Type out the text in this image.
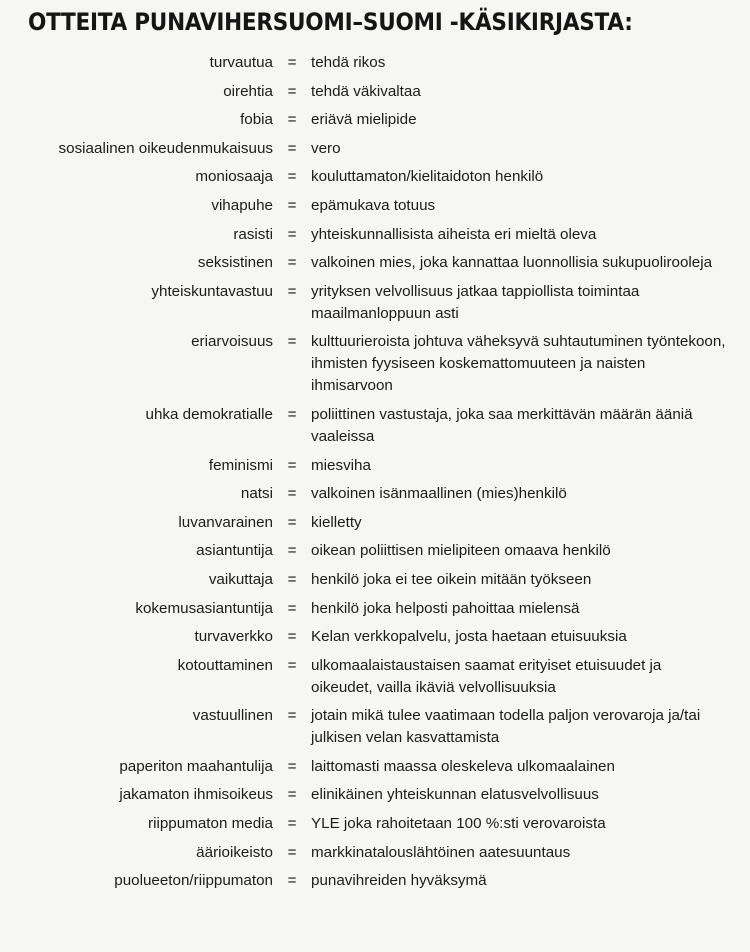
OTTEITA PUNAVIHERSUOMI–SUOMI -KÄSIKIRJASTA:
turvautua = tehdä rikos
oirehtia = tehdä väkivaltaa
fobia = eriävä mielipide
sosiaalinen oikeudenmukaisuus = vero
moniosaaja = kouluttamaton/kielitaidoton henkilö
vihapuhe = epämukava totuus
rasisti = yhteiskunnallisista aiheista eri mieltä oleva
seksistinen = valkoinen mies, joka kannattaa luonnollisia sukupuolirooleja
yhteiskuntavastuu = yrityksen velvollisuus jatkaa tappiollista toimintaa maailmanloppuun asti
eriarvoisuus = kulttuurieroista johtuva väheksyvä suhtautuminen työntekoon, ihmisten fyysiseen koskemattomuuteen ja naisten ihmisarvoon
uhka demokratialle = poliittinen vastustaja, joka saa merkittävän määrän ääniä vaaleissa
feminismi = miesviha
natsi = valkoinen isänmaallinen (mies)henkilö
luvanvarainen = kielletty
asiantuntija = oikean poliittisen mielipiteen omaava henkilö
vaikuttaja = henkilö joka ei tee oikein mitään työkseen
kokemusasiantuntija = henkilö joka helposti pahoittaa mielensä
turvaverkko = Kelan verkkopalvelu, josta haetaan etuisuuksia
kotouttaminen = ulkomaalaistaustaisen saamat erityiset etuisuudet ja oikeudet, vailla ikäviä velvollisuuksia
vastuullinen = jotain mikä tulee vaatimaan todella paljon verovaroja ja/tai julkisen velan kasvattamista
paperiton maahantulija = laittomasti maassa oleskeleva ulkomaalainen
jakamaton ihmisoikeus = elinikäinen yhteiskunnan elatusvelvollisuus
riippumaton media = YLE joka rahoitetaan 100 %:sti verovaroista
äärioikeisto = markkinatalouslähtöinen aatesuuntaus
puolueeton/riippumaton = punavihreiden hyväksymä
